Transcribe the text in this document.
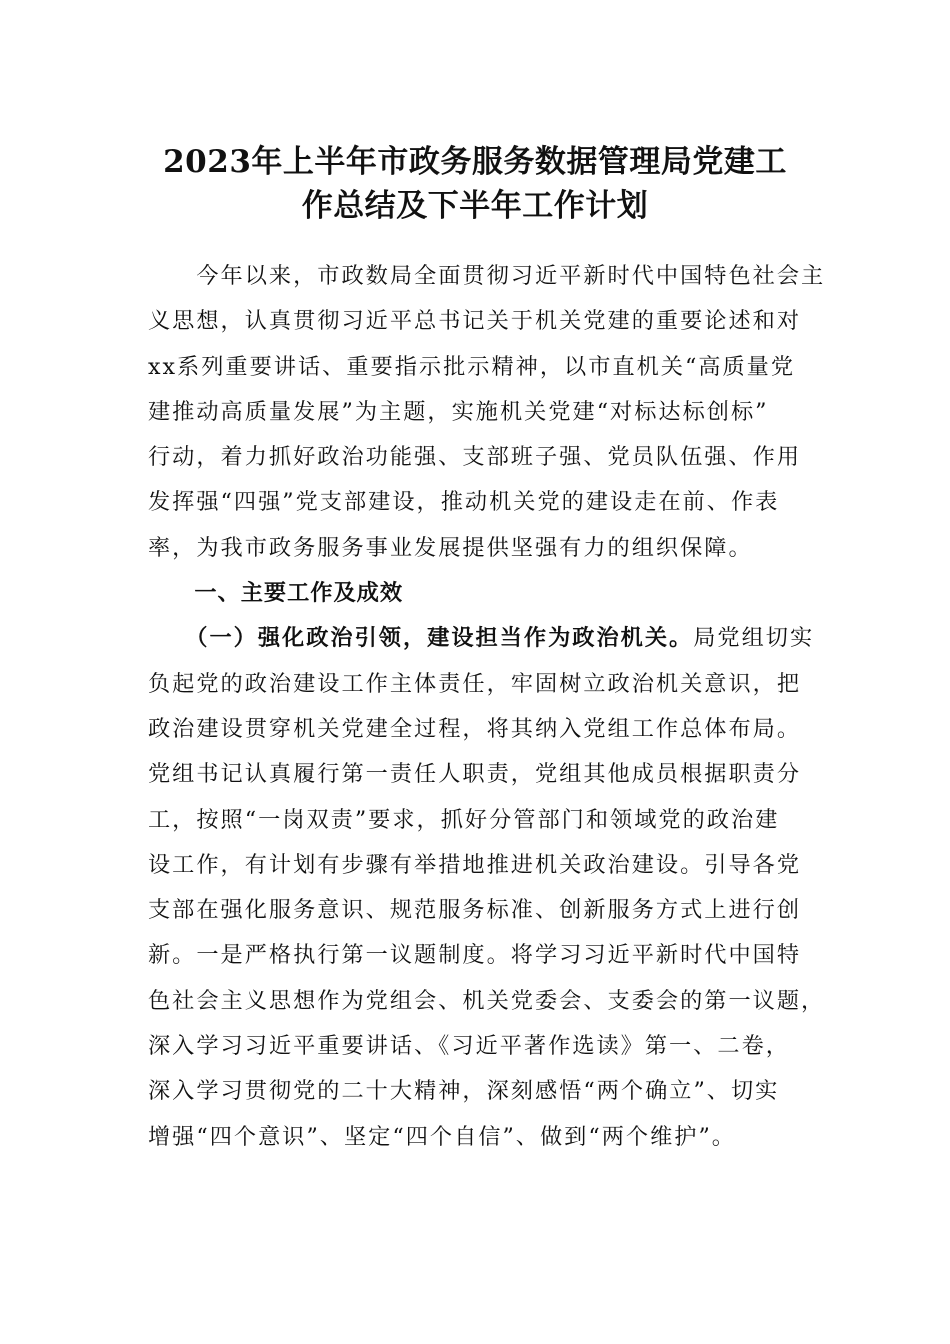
2023年上半年市政务服务数据管理局党建工
作总结及下半年工作计划
　　今年以来，市政数局全面贯彻习近平新时代中国特色社会主
义思想，认真贯彻习近平总书记关于机关党建的重要论述和对
xx系列重要讲话、重要指示批示精神，以市直机关“高质量党
建推动高质量发展”为主题，实施机关党建“对标达标创标”
行动，着力抓好政治功能强、支部班子强、党员队伍强、作用
发挥强“四强”党支部建设，推动机关党的建设走在前、作表
率，为我市政务服务事业发展提供坚强有力的组织保障。
　　一、主要工作及成效
　　（一）强化政治引领，建设担当作为政治机关。局党组切实
负起党的政治建设工作主体责任，牢固树立政治机关意识，把
政治建设贯穿机关党建全过程，将其纳入党组工作总体布局。
党组书记认真履行第一责任人职责，党组其他成员根据职责分
工，按照“一岗双责”要求，抓好分管部门和领域党的政治建
设工作，有计划有步骤有举措地推进机关政治建设。引导各党
支部在强化服务意识、规范服务标准、创新服务方式上进行创
新。一是严格执行第一议题制度。将学习习近平新时代中国特
色社会主义思想作为党组会、机关党委会、支委会的第一议题，
深入学习习近平重要讲话、《习近平著作选读》第一、二卷，
深入学习贯彻党的二十大精神，深刻感悟“两个确立”、切实
增强“四个意识”、坚定“四个自信”、做到“两个维护”。
